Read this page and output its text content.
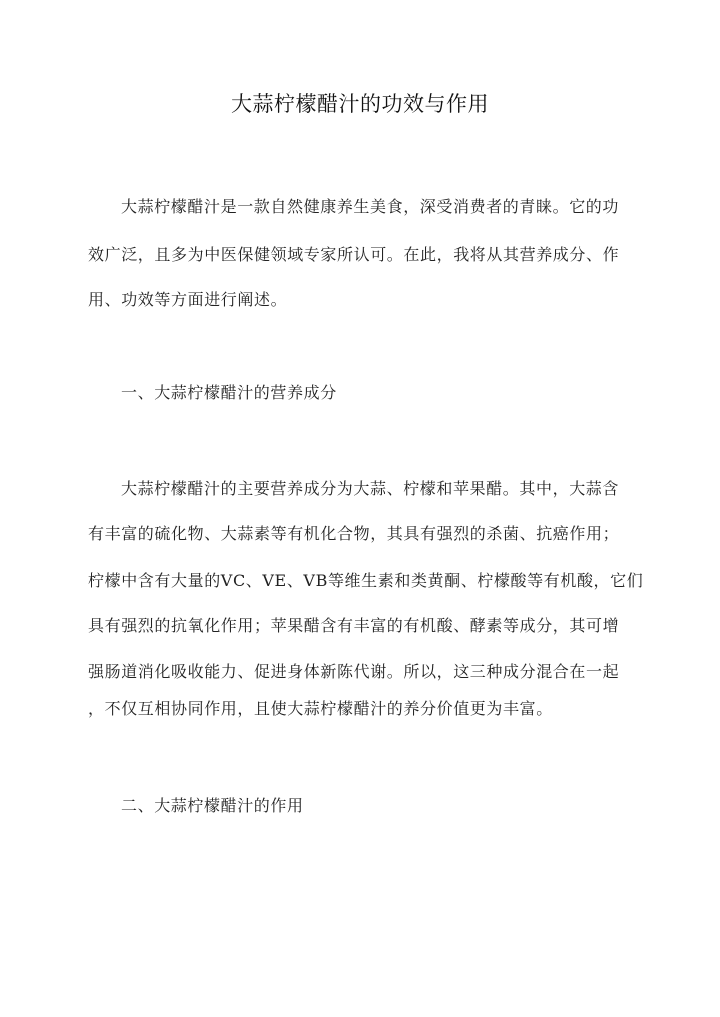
大蒜柠檬醋汁的功效与作用
大蒜柠檬醋汁是一款自然健康养生美食，深受消费者的青睐。它的功
效广泛，且多为中医保健领域专家所认可。在此，我将从其营养成分、作
用、功效等方面进行阐述。
一、大蒜柠檬醋汁的营养成分
大蒜柠檬醋汁的主要营养成分为大蒜、柠檬和苹果醋。其中，大蒜含
有丰富的硫化物、大蒜素等有机化合物，其具有强烈的杀菌、抗癌作用；
柠檬中含有大量的VC、VE、VB等维生素和类黄酮、柠檬酸等有机酸，它们
具有强烈的抗氧化作用；苹果醋含有丰富的有机酸、酵素等成分，其可增
强肠道消化吸收能力、促进身体新陈代谢。所以，这三种成分混合在一起
，不仅互相协同作用，且使大蒜柠檬醋汁的养分价值更为丰富。
二、大蒜柠檬醋汁的作用
